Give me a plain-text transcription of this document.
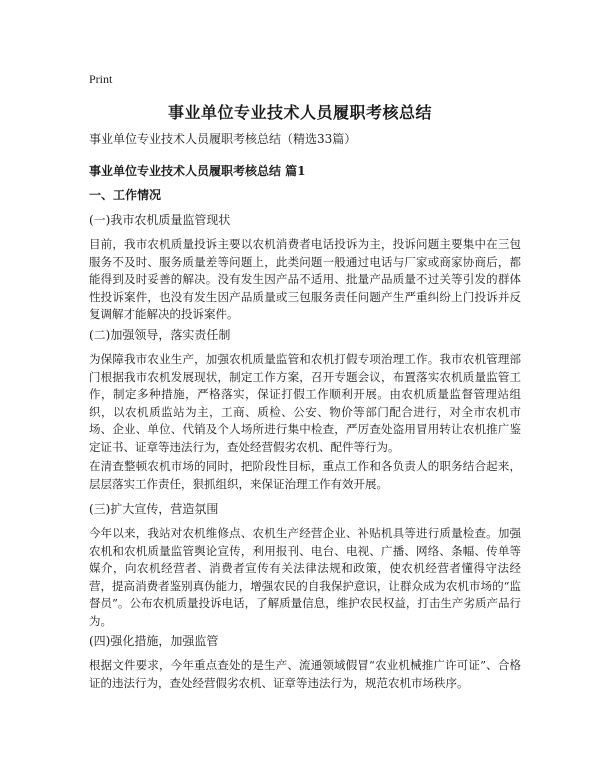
Print
事业单位专业技术人员履职考核总结
事业单位专业技术人员履职考核总结（精选33篇）
事业单位专业技术人员履职考核总结 篇1
一、工作情况
(一)我市农机质量监管现状
目前，我市农机质量投诉主要以农机消费者电话投诉为主，投诉问题主要集中在三包服务不及时、服务质量差等问题上，此类问题一般通过电话与厂家或商家协商后，都能得到及时妥善的解决。没有发生因产品不适用、批量产品质量不过关等引发的群体性投诉案件，也没有发生因产品质量或三包服务责任问题产生严重纠纷上门投诉并反复调解才能解决的投诉案件。
(二)加强领导，落实责任制
为保障我市农业生产，加强农机质量监管和农机打假专项治理工作。我市农机管理部门根据我市农机发展现状，制定工作方案，召开专题会议，布置落实农机质量监管工作，制定多种措施，严格落实，保证打假工作顺利开展。由农机质量监督管理站组织，以农机质监站为主，工商、质检、公安、物价等部门配合进行，对全市农机市场、企业、单位、代销及个人场所进行集中检查，严厉查处盗用冒用转让农机推广鉴定证书、证章等违法行为，查处经营假劣农机、配件等行为。
在清查整顿农机市场的同时，把阶段性目标，重点工作和各负责人的职务结合起来，层层落实工作责任，狠抓组织，来保证治理工作有效开展。
(三)扩大宣传，营造氛围
今年以来，我站对农机维修点、农机生产经营企业、补贴机具等进行质量检查。加强农机和农机质量监管舆论宣传，利用报刊、电台、电视、广播、网络、条幅、传单等媒介，向农机经营者、消费者宣传有关法律法规和政策，使农机经营者懂得守法经营，提高消费者鉴别真伪能力，增强农民的自我保护意识，让群众成为农机市场的“监督员”。公布农机质量投诉电话，了解质量信息，维护农民权益，打击生产劣质产品行为。
(四)强化措施，加强监管
根据文件要求，今年重点查处的是生产、流通领域假冒“农业机械推广许可证”、合格证的违法行为，查处经营假劣农机、证章等违法行为，规范农机市场秩序。
